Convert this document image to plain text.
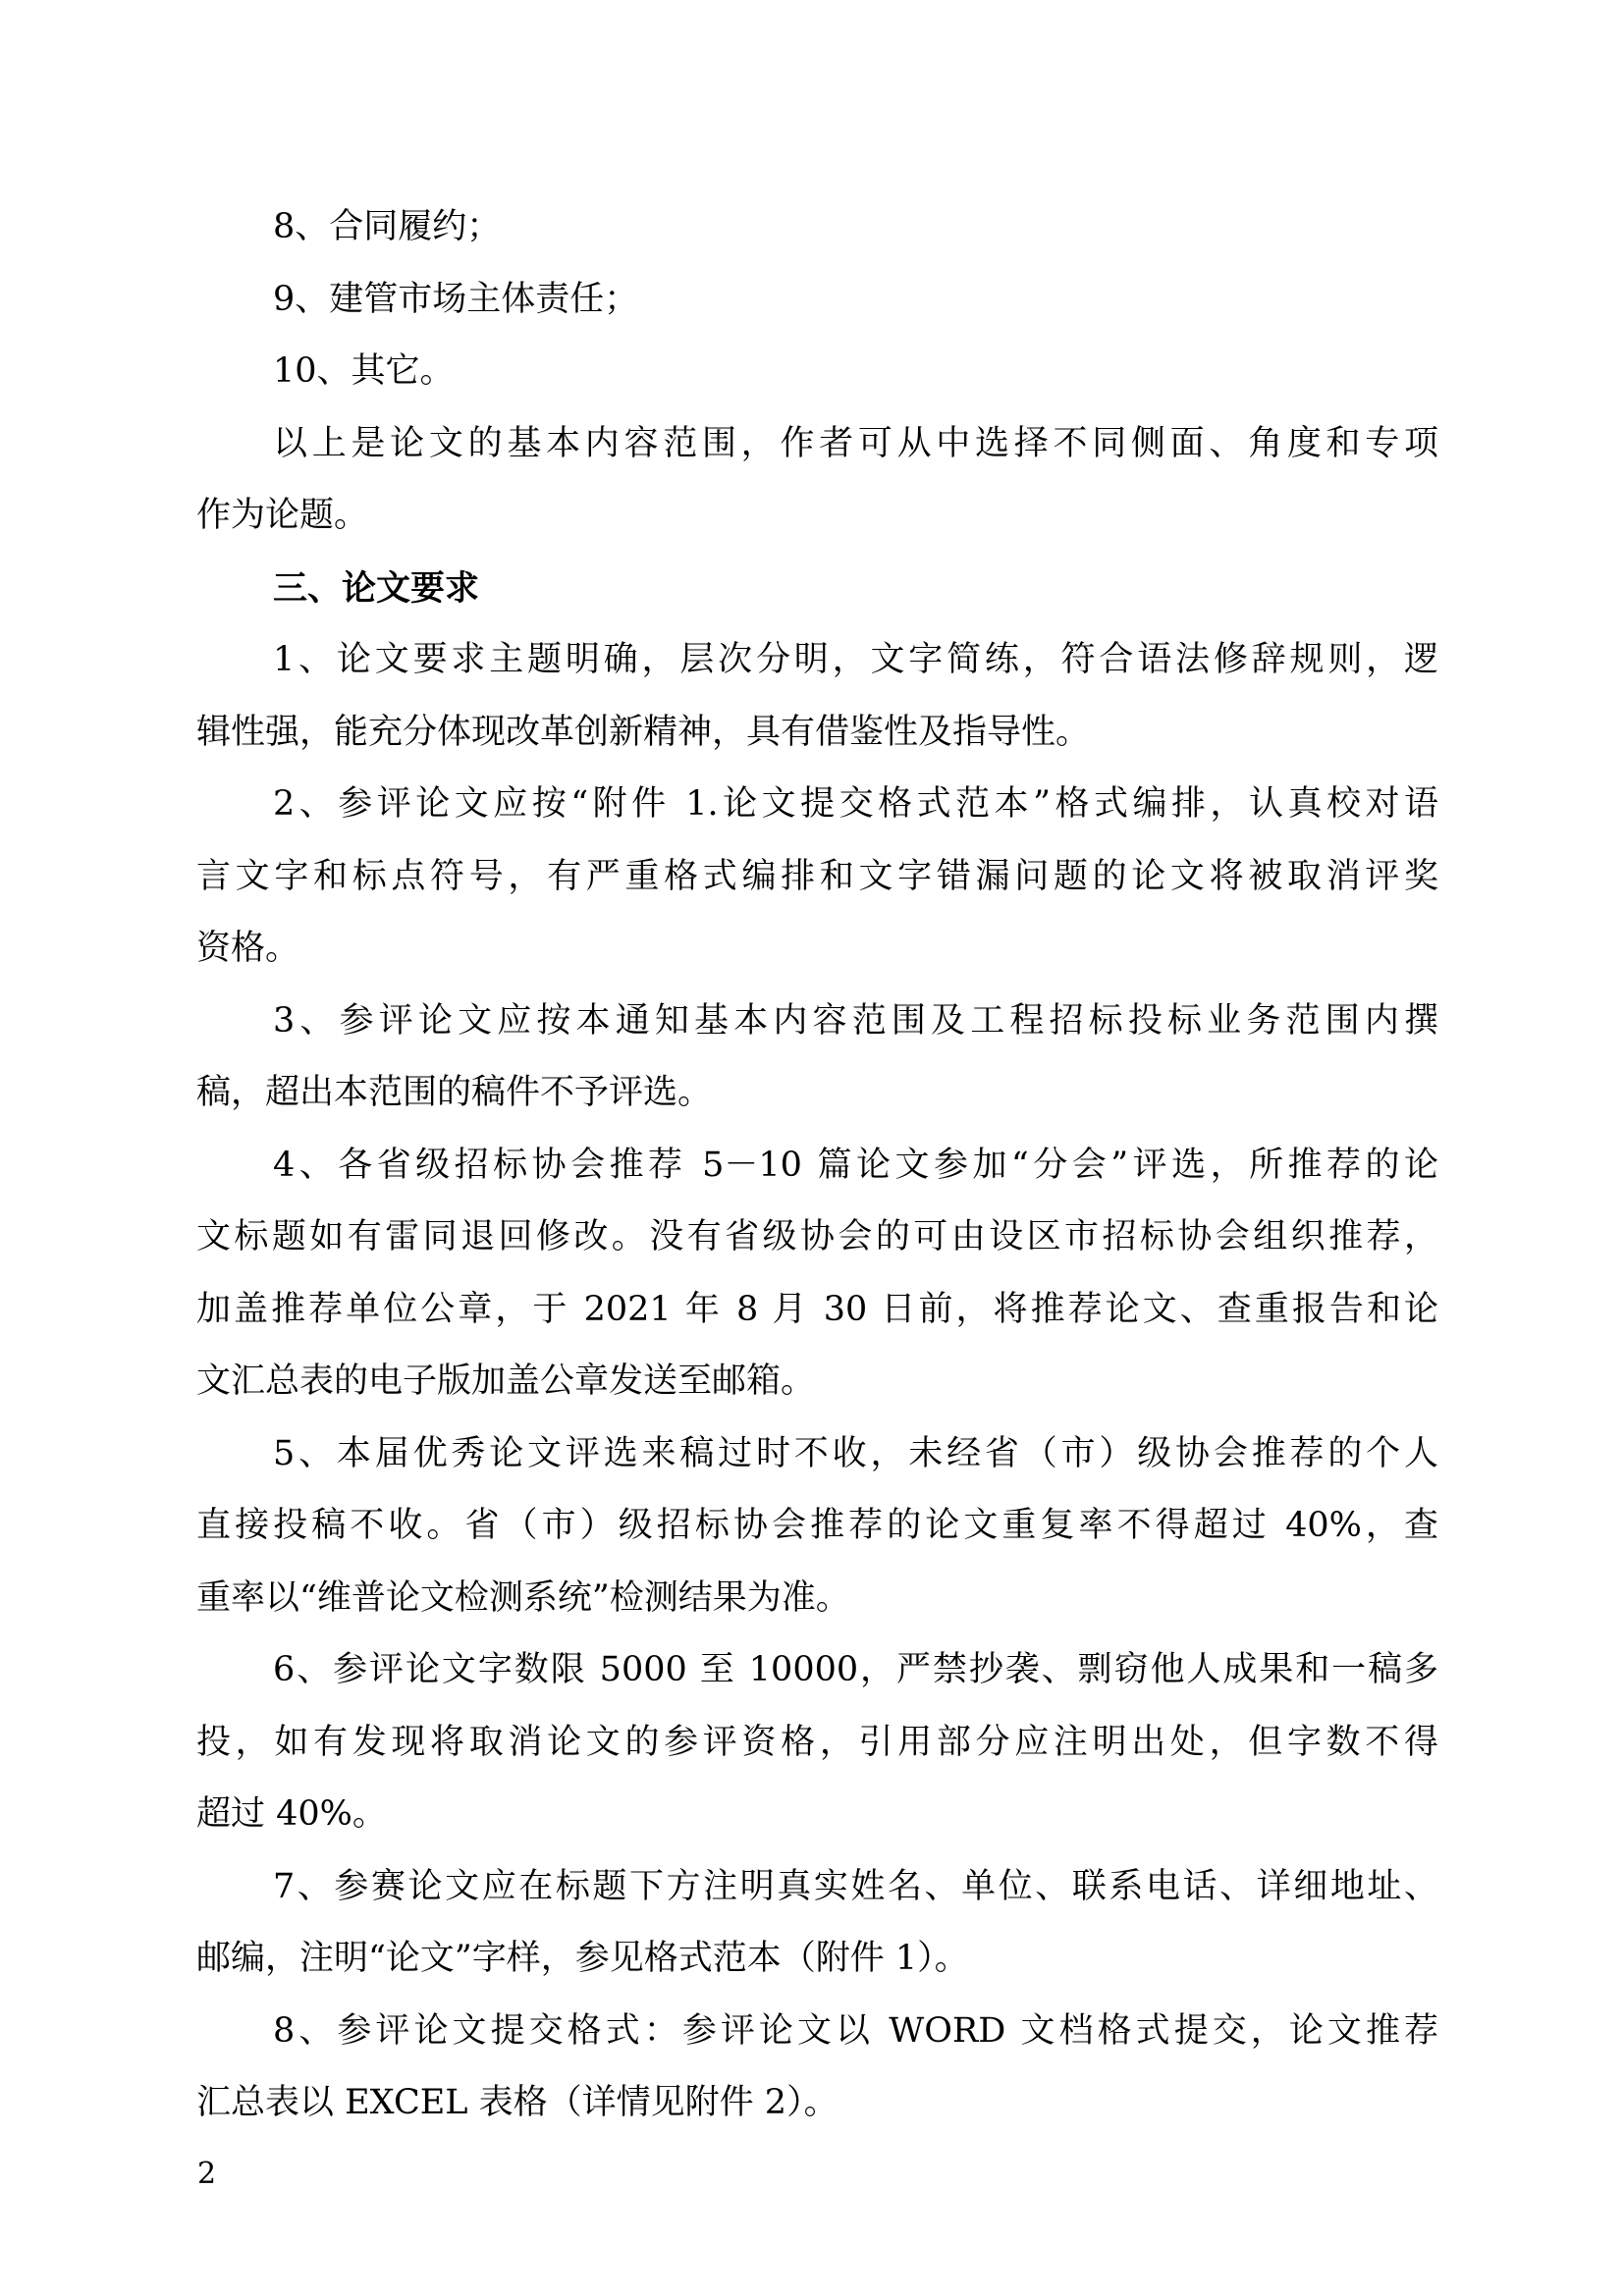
8、合同履约；
9、建管市场主体责任；
10、其它。
以上是论文的基本内容范围，作者可从中选择不同侧面、角度和专项
作为论题。
三、论文要求
1、论文要求主题明确，层次分明，文字简练，符合语法修辞规则，逻
辑性强，能充分体现改革创新精神，具有借鉴性及指导性。
2、参评论文应按“附件 1.论文提交格式范本”格式编排，认真校对语
言文字和标点符号，有严重格式编排和文字错漏问题的论文将被取消评奖
资格。
3、参评论文应按本通知基本内容范围及工程招标投标业务范围内撰
稿，超出本范围的稿件不予评选。
4、各省级招标协会推荐 5－10 篇论文参加“分会”评选，所推荐的论
文标题如有雷同退回修改。没有省级协会的可由设区市招标协会组织推荐，
加盖推荐单位公章，于 2021 年 8 月 30 日前，将推荐论文、查重报告和论
文汇总表的电子版加盖公章发送至邮箱。
5、本届优秀论文评选来稿过时不收，未经省（市）级协会推荐的个人
直接投稿不收。省（市）级招标协会推荐的论文重复率不得超过 40%，查
重率以“维普论文检测系统”检测结果为准。
6、参评论文字数限 5000 至 10000，严禁抄袭、剽窃他人成果和一稿多
投，如有发现将取消论文的参评资格，引用部分应注明出处，但字数不得
超过 40%。
7、参赛论文应在标题下方注明真实姓名、单位、联系电话、详细地址、
邮编，注明“论文”字样，参见格式范本（附件 1）。
8、参评论文提交格式：参评论文以 WORD 文档格式提交，论文推荐
汇总表以 EXCEL 表格（详情见附件 2）。
2
